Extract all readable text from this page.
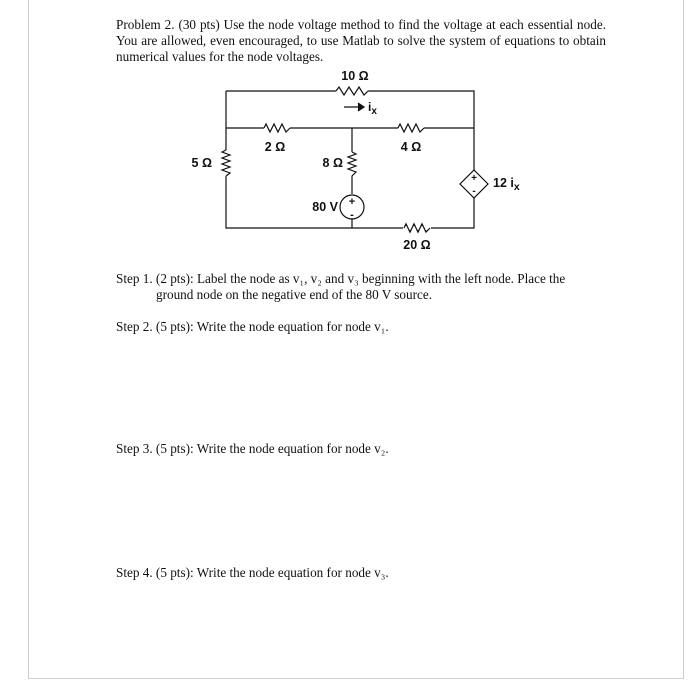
Problem 2. (30 pts) Use the node voltage method to find the voltage at each essential node. You are allowed, even encouraged, to use Matlab to solve the system of equations to obtain numerical values for the node voltages.

10 Ω
$i_x$
2 Ω	4 Ω
5 Ω	8 Ω
80 V +
-
+
-
12 $i_x$
20 Ω

Step 1. (2 pts): Label the node as v₁, v₂ and v₃ beginning with the left node. Place the

ground node on the negative end of the 80 V source.

Step 2. (5 pts): Write the node equation for node v₁.

Step 3. (5 pts): Write the node equation for node v₂.

Step 4. (5 pts): Write the node equation for node v₃.
